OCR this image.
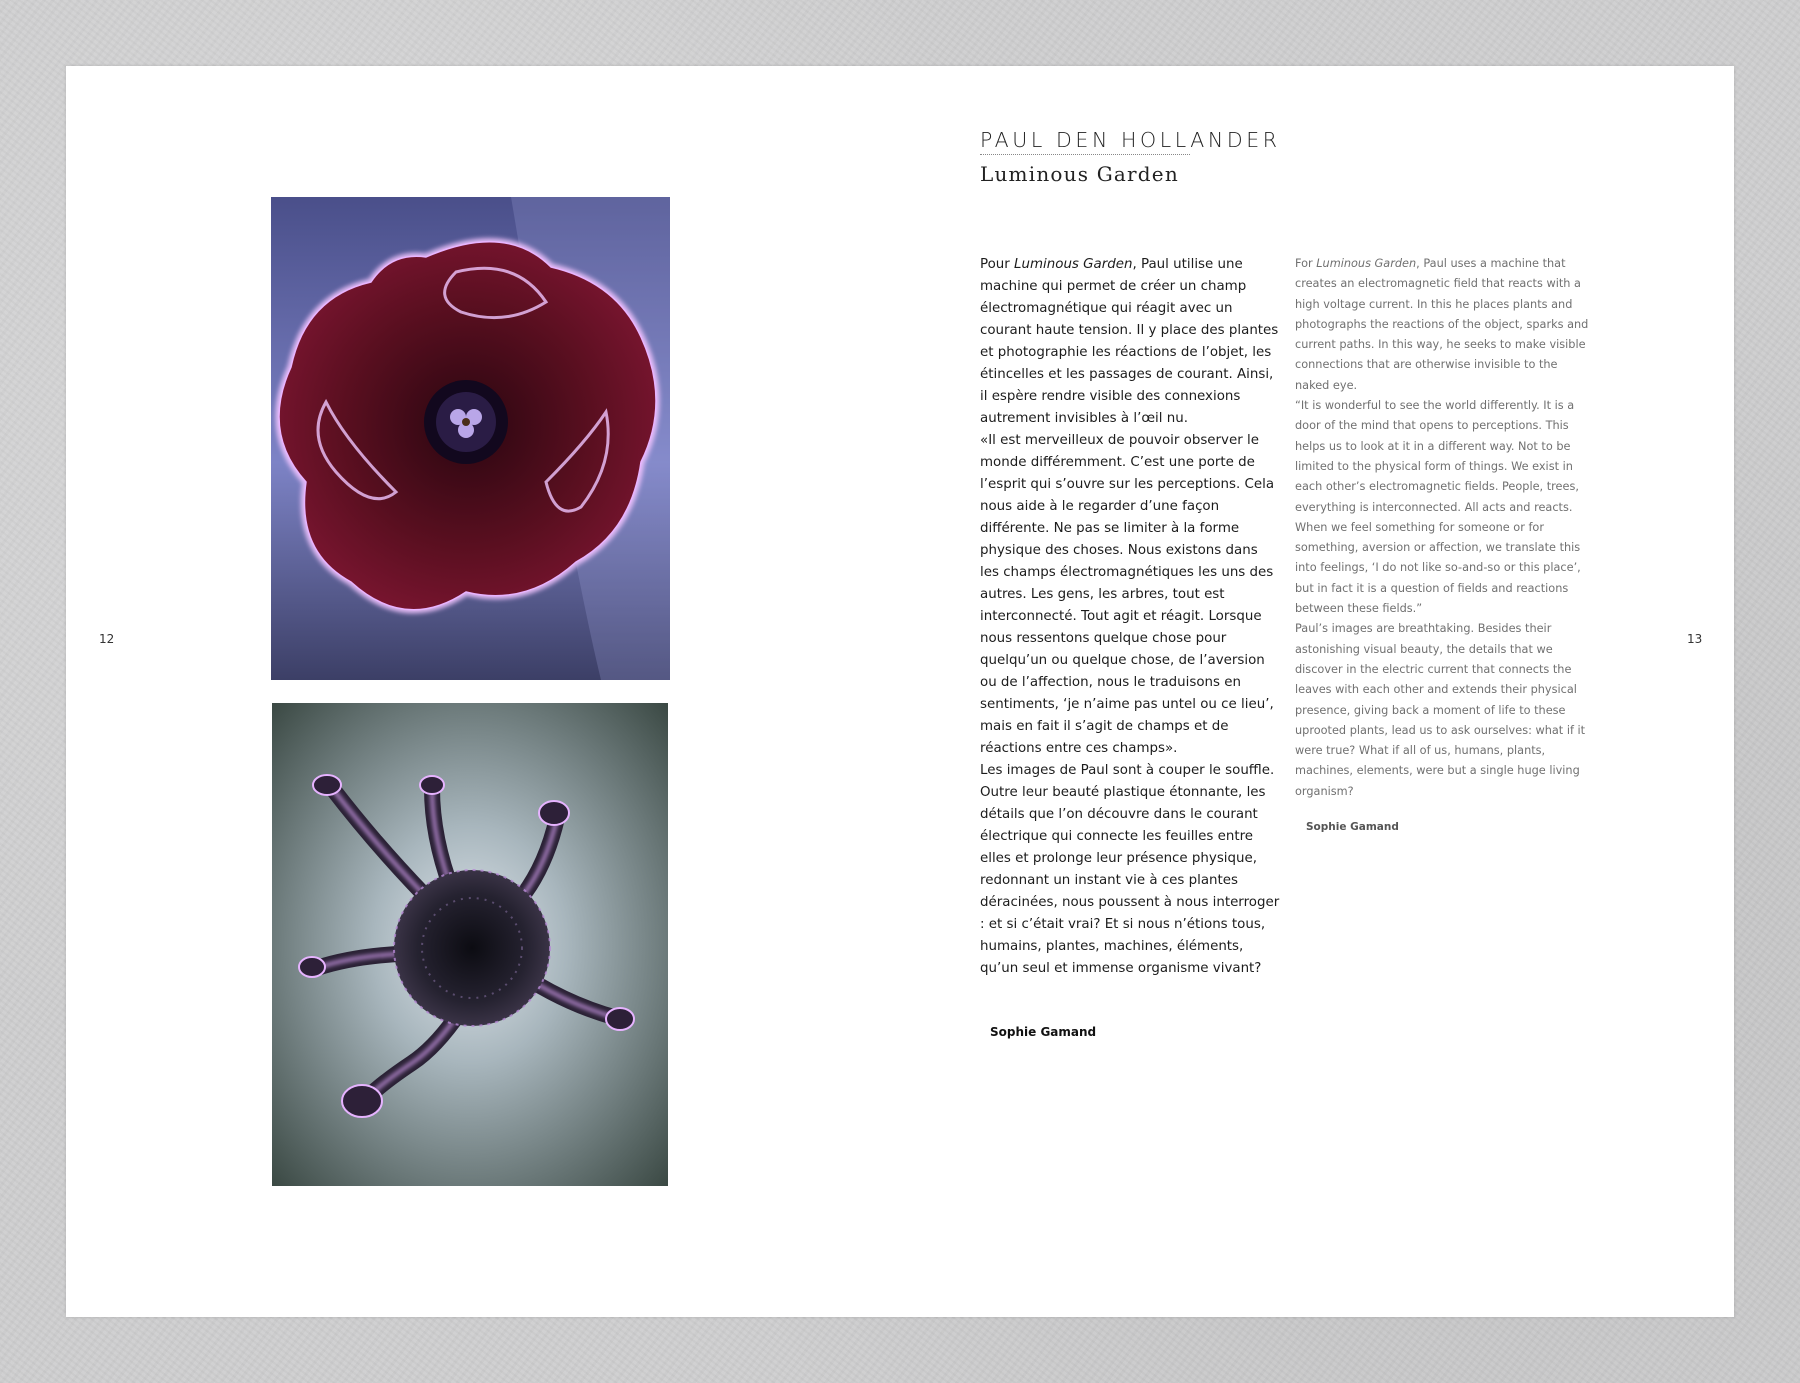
12	13
PAUL DEN HOLLANDER
Luminous Garden

Pour Luminous Garden, Paul utilise une machine qui permet de créer un champ électromagnétique qui réagit avec un courant haute tension. Il y place des plantes et photographie les réactions de l’objet, les étincelles et les passages de courant. Ainsi, il espère rendre visible des connexions autrement invisibles à l’œil nu.

«Il est merveilleux de pouvoir observer le monde différemment. C’est une porte de l’esprit qui s’ouvre sur les perceptions. Cela nous aide à le regarder d’une façon différente. Ne pas se limiter à la forme physique des choses. Nous existons dans les champs électromagnétiques les uns des autres. Les gens, les arbres, tout est interconnecté. Tout agit et réagit. Lorsque nous ressentons quelque chose pour quelqu’un ou quelque chose, de l’aversion ou de l’affection, nous le traduisons en sentiments, ‘je n’aime pas untel ou ce lieu’, mais en fait il s’agit de champs et de réactions entre ces champs».

Les images de Paul sont à couper le souffle. Outre leur beauté plastique étonnante, les détails que l’on découvre dans le courant électrique qui connecte les feuilles entre elles et prolonge leur présence physique, redonnant un instant vie à ces plantes déracinées, nous poussent à nous interroger : et si c’était vrai? Et si nous n’étions tous, humains, plantes, machines, éléments, qu’un seul et immense organisme vivant?

Sophie Gamand

For Luminous Garden, Paul uses a machine that creates an electromagnetic field that reacts with a high voltage current. In this he places plants and photographs the reactions of the object, sparks and current paths. In this way, he seeks to make visible connections that are otherwise invisible to the naked eye.

“It is wonderful to see the world differently. It is a door of the mind that opens to perceptions. This helps us to look at it in a different way. Not to be limited to the physical form of things. We exist in each other’s electromagnetic fields. People, trees, everything is interconnected. All acts and reacts. When we feel something for someone or for something, aversion or affection, we translate this into feelings, ‘I do not like so-and-so or this place’, but in fact it is a question of fields and reactions between these fields.”

Paul’s images are breathtaking. Besides their astonishing visual beauty, the details that we discover in the electric current that connects the leaves with each other and extends their physical presence, giving back a moment of life to these uprooted plants, lead us to ask ourselves: what if it were true? What if all of us, humans, plants, machines, elements, were but a single huge living organism?

Sophie Gamand
